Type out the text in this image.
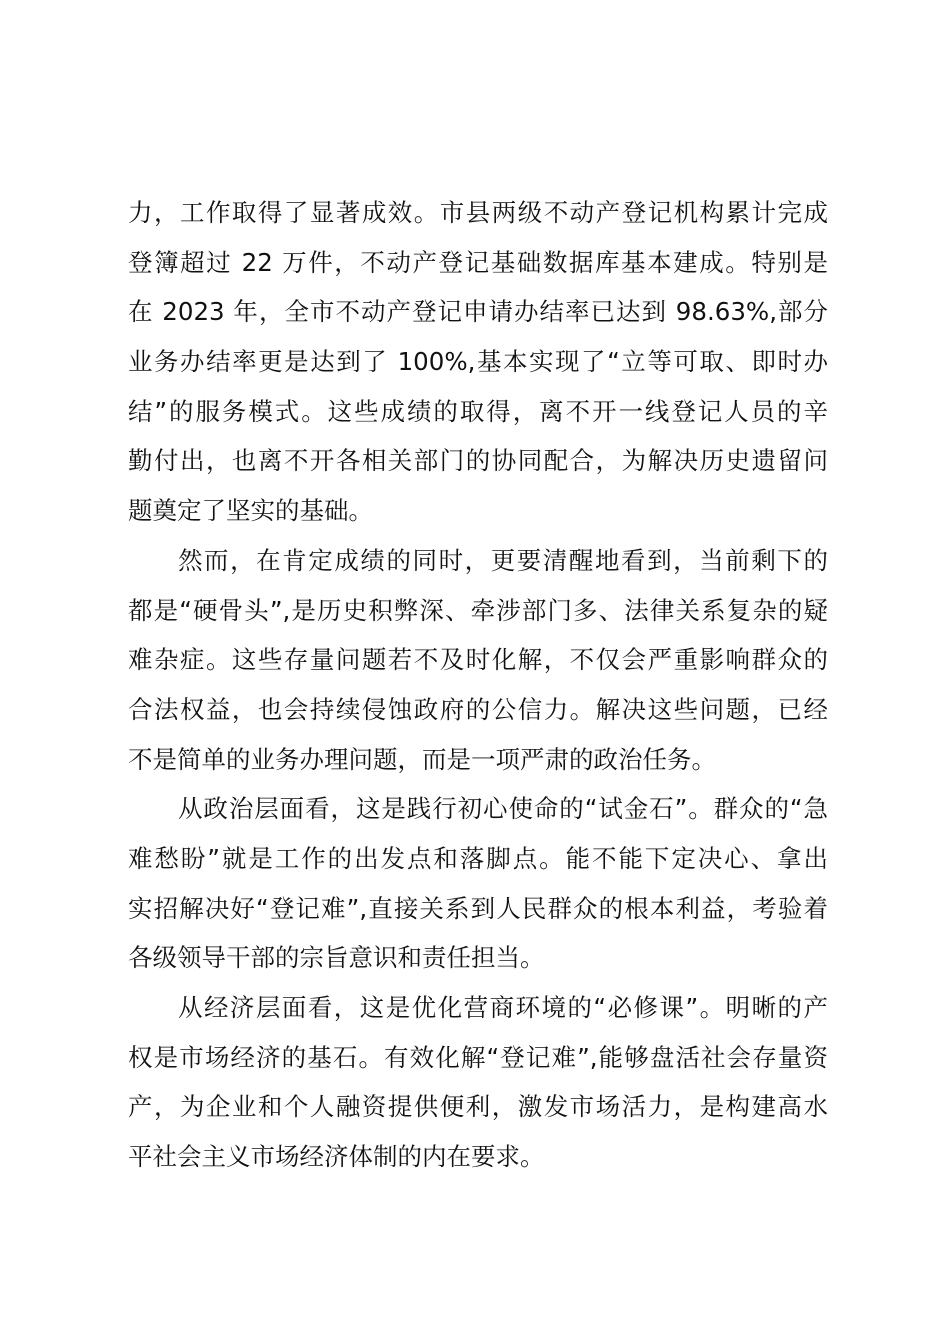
力，工作取得了显著成效。市县两级不动产登记机构累计完成
登簿超过 22 万件，不动产登记基础数据库基本建成。特别是
在 2023 年，全市不动产登记申请办结率已达到 98.63%,部分
业务办结率更是达到了 100%,基本实现了“立等可取、即时办
结”的服务模式。这些成绩的取得，离不开一线登记人员的辛
勤付出，也离不开各相关部门的协同配合，为解决历史遗留问
题奠定了坚实的基础。
然而，在肯定成绩的同时，更要清醒地看到，当前剩下的
都是“硬骨头”,是历史积弊深、牵涉部门多、法律关系复杂的疑
难杂症。这些存量问题若不及时化解，不仅会严重影响群众的
合法权益，也会持续侵蚀政府的公信力。解决这些问题，已经
不是简单的业务办理问题，而是一项严肃的政治任务。
从政治层面看，这是践行初心使命的“试金石”。群众的“急
难愁盼”就是工作的出发点和落脚点。能不能下定决心、拿出
实招解决好“登记难”,直接关系到人民群众的根本利益，考验着
各级领导干部的宗旨意识和责任担当。
从经济层面看，这是优化营商环境的“必修课”。明晰的产
权是市场经济的基石。有效化解“登记难”,能够盘活社会存量资
产，为企业和个人融资提供便利，激发市场活力，是构建高水
平社会主义市场经济体制的内在要求。
